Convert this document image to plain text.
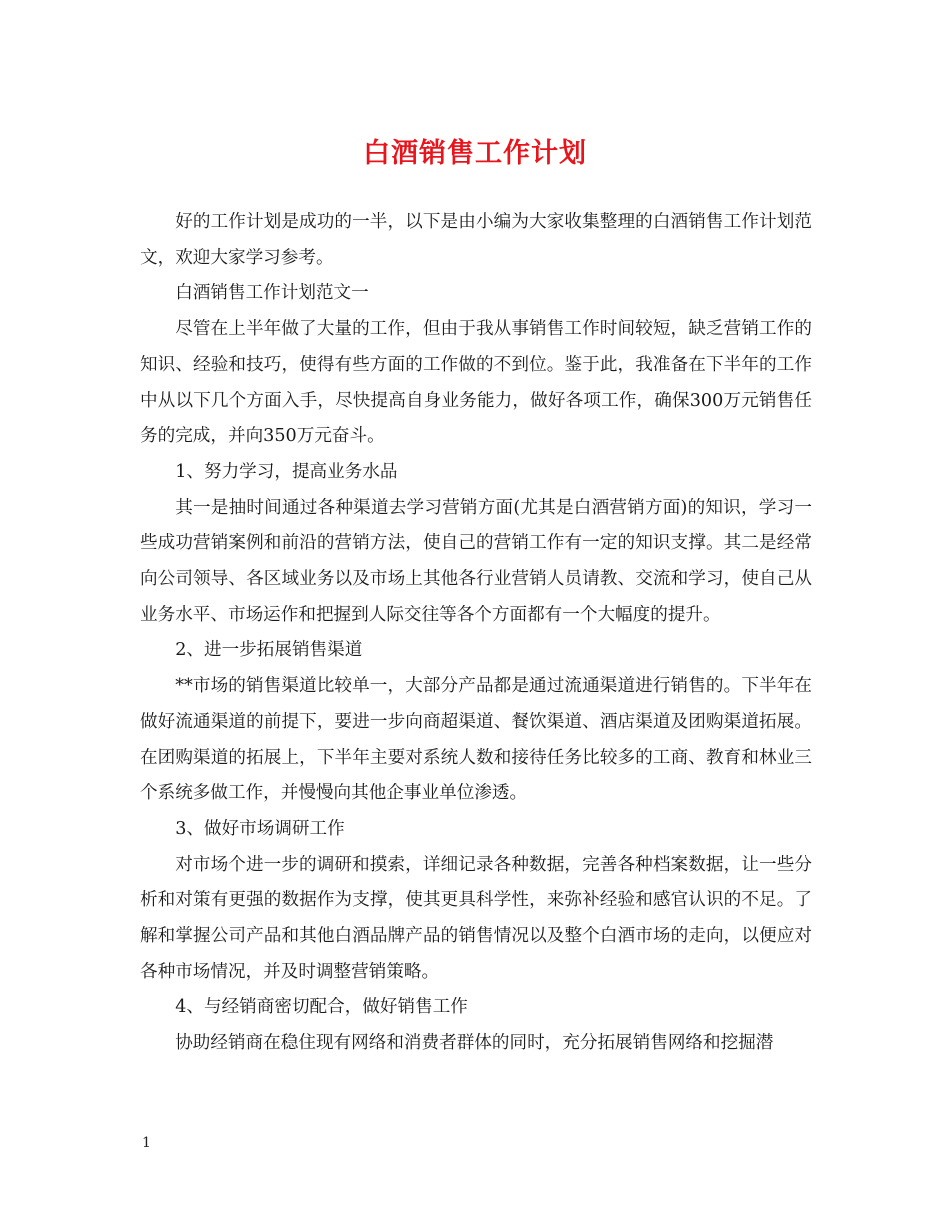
白酒销售工作计划

好的工作计划是成功的一半，以下是由小编为大家收集整理的白酒销售工作计划范文，欢迎大家学习参考。

白酒销售工作计划范文一

尽管在上半年做了大量的工作，但由于我从事销售工作时间较短，缺乏营销工作的知识、经验和技巧，使得有些方面的工作做的不到位。鉴于此，我准备在下半年的工作中从以下几个方面入手，尽快提高自身业务能力，做好各项工作，确保300万元销售任务的完成，并向350万元奋斗。

1、努力学习，提高业务水品

其一是抽时间通过各种渠道去学习营销方面(尤其是白酒营销方面)的知识，学习一些成功营销案例和前沿的营销方法，使自己的营销工作有一定的知识支撑。其二是经常向公司领导、各区域业务以及市场上其他各行业营销人员请教、交流和学习，使自己从业务水平、市场运作和把握到人际交往等各个方面都有一个大幅度的提升。

2、进一步拓展销售渠道

**市场的销售渠道比较单一，大部分产品都是通过流通渠道进行销售的。下半年在做好流通渠道的前提下，要进一步向商超渠道、餐饮渠道、酒店渠道及团购渠道拓展。在团购渠道的拓展上，下半年主要对系统人数和接待任务比较多的工商、教育和林业三个系统多做工作，并慢慢向其他企事业单位渗透。

3、做好市场调研工作

对市场个进一步的调研和摸索，详细记录各种数据，完善各种档案数据，让一些分析和对策有更强的数据作为支撑，使其更具科学性，来弥补经验和感官认识的不足。了解和掌握公司产品和其他白酒品牌产品的销售情况以及整个白酒市场的走向，以便应对各种市场情况，并及时调整营销策略。

4、与经销商密切配合，做好销售工作

协助经销商在稳住现有网络和消费者群体的同时，充分拓展销售网络和挖掘潜

1
